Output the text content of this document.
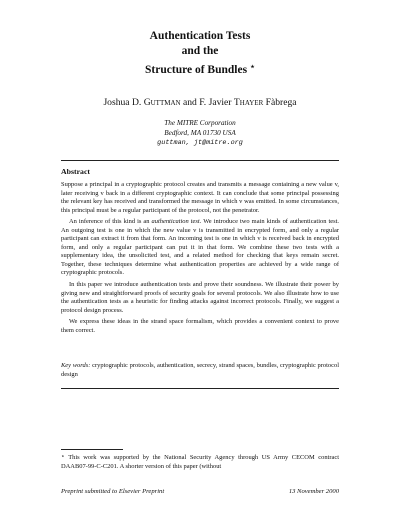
Authentication Tests
and the
Structure of Bundles ⋆
Joshua D. Guttman and F. Javier Thayer Fàbrega
The MITRE Corporation
Bedford, MA 01730 USA
guttman, jt@mitre.org
Abstract

Suppose a principal in a cryptographic protocol creates and transmits a message containing a new value v, later receiving v back in a different cryptographic context. It can conclude that some principal possessing the relevant key has received and transformed the message in which v was emitted. In some circumstances, this principal must be a regular participant of the protocol, not the penetrator.

An inference of this kind is an authentication test. We introduce two main kinds of authentication test. An outgoing test is one in which the new value v is transmitted in encrypted form, and only a regular participant can extract it from that form. An incoming test is one in which v is received back in encrypted form, and only a regular participant can put it in that form. We combine these two tests with a supplementary idea, the unsolicited test, and a related method for checking that keys remain secret. Together, these techniques determine what authentication properties are achieved by a wide range of cryptographic protocols.

In this paper we introduce authentication tests and prove their soundness. We illustrate their power by giving new and straightforward proofs of security goals for several protocols. We also illustrate how to use the authentication tests as a heuristic for finding attacks against incorrect protocols. Finally, we suggest a protocol design process.

We express these ideas in the strand space formalism, which provides a convenient context to prove them correct.

Key words: cryptographic protocols, authentication, secrecy, strand spaces, bundles, cryptographic protocol design
⋆ This work was supported by the National Security Agency through US Army CECOM contract DAAB07-99-C-C201. A shorter version of this paper (without
Preprint submitted to Elsevier Preprint	13 November 2000
